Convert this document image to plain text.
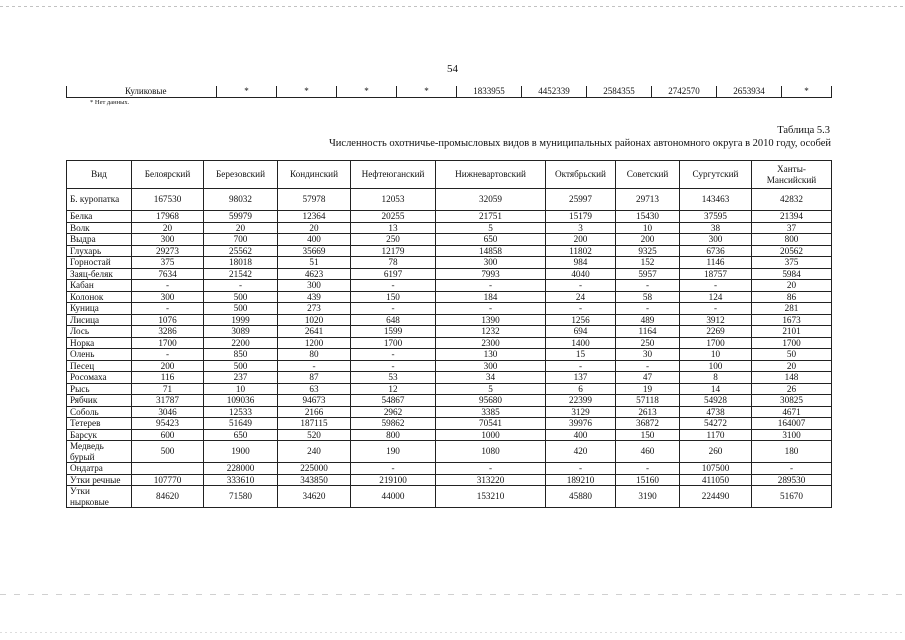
54
Куликовые	*	*	*	*	1833955	4452339	2584355	2742570	2653934	*
* Нет данных.
Таблица 5.3
Численность охотничье-промысловых видов в муниципальных районах автономного округа в 2010 году, особей
Вид	Белоярский	Березовский	Кондинский	Нефтеюганский	Нижневартовский	Октябрьский	Советский	Сургутский	Ханты-Мансийский
Б. куропатка	167530	98032	57978	12053	32059	25997	29713	143463	42832
Белка	17968	59979	12364	20255	21751	15179	15430	37595	21394
Волк	20	20	20	13	5	3	10	38	37
Выдра	300	700	400	250	650	200	200	300	800
Глухарь	29273	25562	35669	12179	14858	11802	9325	6736	20562
Горностай	375	18018	51	78	300	984	152	1146	375
Заяц-беляк	7634	21542	4623	6197	7993	4040	5957	18757	5984
Кабан	-	-	300	-	-	-	-	-	20
Колонок	300	500	439	150	184	24	58	124	86
Куница	-	500	273	-	-	-	-	-	281
Лисица	1076	1999	1020	648	1390	1256	489	3912	1673
Лось	3286	3089	2641	1599	1232	694	1164	2269	2101
Норка	1700	2200	1200	1700	2300	1400	250	1700	1700
Олень	-	850	80	-	130	15	30	10	50
Песец	200	500	-	-	300	-	-	100	20
Росомаха	116	237	87	53	34	137	47	8	148
Рысь	71	10	63	12	5	6	19	14	26
Рябчик	31787	109036	94673	54867	95680	22399	57118	54928	30825
Соболь	3046	12533	2166	2962	3385	3129	2613	4738	4671
Тетерев	95423	51649	187115	59862	70541	39976	36872	54272	164007
Барсук	600	650	520	800	1000	400	150	1170	3100
Медведь бурый	500	1900	240	190	1080	420	460	260	180
Ондатра		228000	225000	-	-	-	-	107500	-
Утки речные	107770	333610	343850	219100	313220	189210	15160	411050	289530
Утки нырковые	84620	71580	34620	44000	153210	45880	3190	224490	51670
